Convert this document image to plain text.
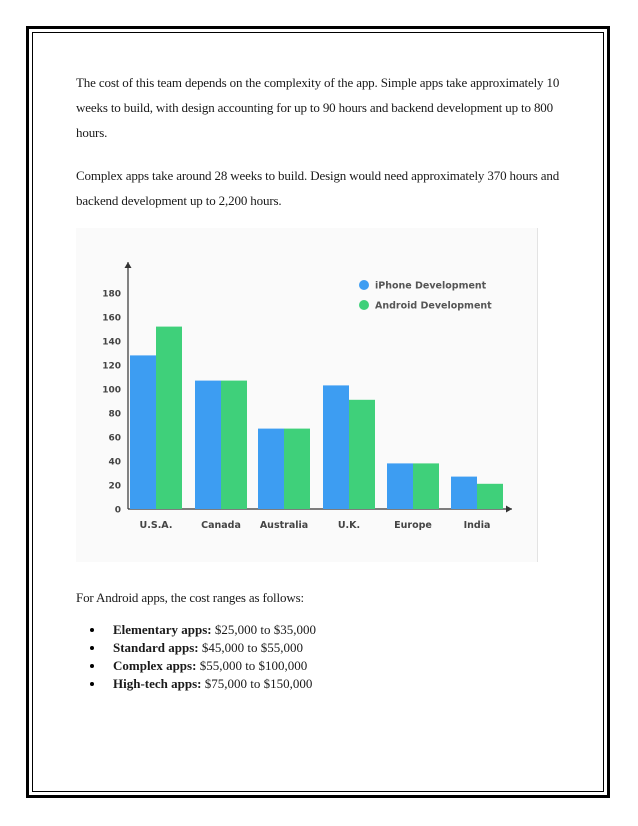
The cost of this team depends on the complexity of the app. Simple apps take approximately 10 weeks to build, with design accounting for up to 90 hours and backend development up to 800 hours.

Complex apps take around 28 weeks to build. Design would need approximately 370 hours and backend development up to 2,200 hours.

0
20
40
60
80
100
120
140
160
180
U.S.A.	Canada Australia	U.K.	Europe	India
iPhone Development
Android Development

For Android apps, the cost ranges as follows:

Elementary apps: $25,000 to $35,000
Standard apps: $45,000 to $55,000
Complex apps: $55,000 to $100,000
High-tech apps: $75,000 to $150,000
